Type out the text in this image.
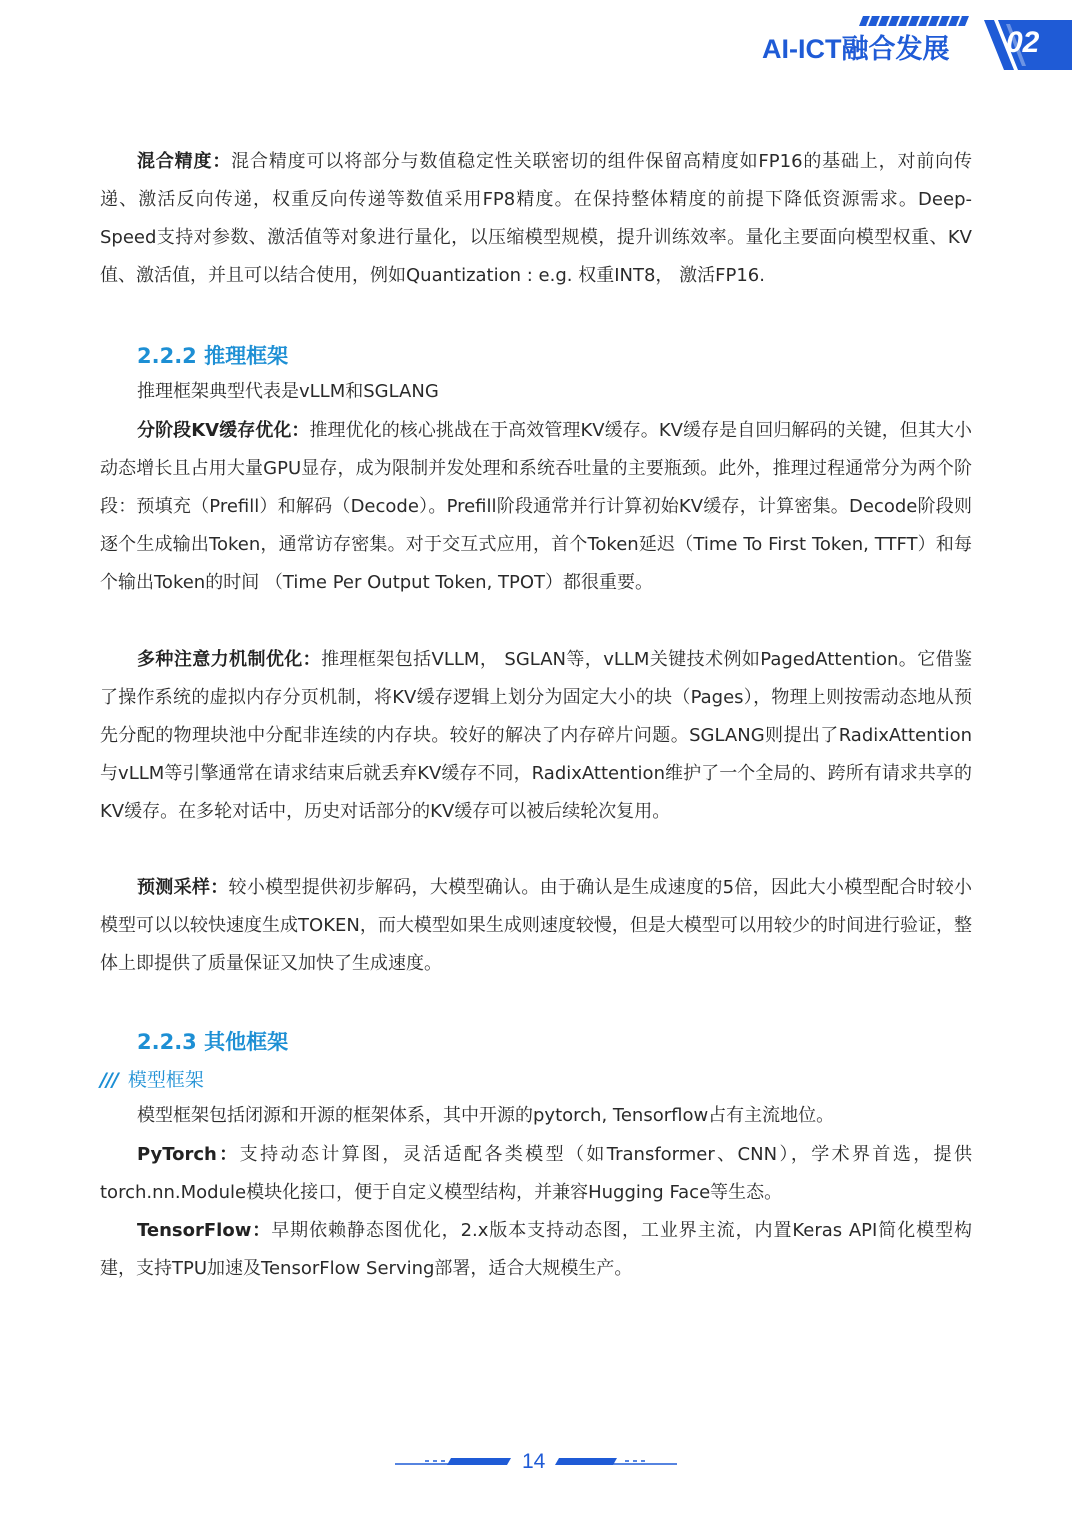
AI-ICT融合发展 02

混合精度：混合精度可以将部分与数值稳定性关联密切的组件保留高精度如FP16的基础上，对前向传递、激活反向传递，权重反向传递等数值采用FP8精度。在保持整体精度的前提下降低资源需求。Deep-Speed支持对参数、激活值等对象进行量化，以压缩模型规模，提升训练效率。量化主要面向模型权重、KV值、激活值，并且可以结合使用，例如Quantization : e.g. 权重INT8， 激活FP16.

2.2.2 推理框架

推理框架典型代表是vLLM和SGLANG

分阶段KV缓存优化：推理优化的核心挑战在于高效管理KV缓存。KV缓存是自回归解码的关键，但其大小动态增长且占用大量GPU显存，成为限制并发处理和系统吞吐量的主要瓶颈。此外，推理过程通常分为两个阶段：预填充（Prefill）和解码（Decode）。Prefill阶段通常并行计算初始KV缓存，计算密集。Decode阶段则逐个生成输出Token，通常访存密集。对于交互式应用，首个Token延迟（Time To First Token, TTFT）和每个输出Token的时间 （Time Per Output Token, TPOT）都很重要。

多种注意力机制优化：推理框架包括VLLM， SGLAN等，vLLM关键技术例如PagedAttention。它借鉴了操作系统的虚拟内存分页机制，将KV缓存逻辑上划分为固定大小的块（Pages），物理上则按需动态地从预先分配的物理块池中分配非连续的内存块。较好的解决了内存碎片问题。SGLANG则提出了RadixAttention与vLLM等引擎通常在请求结束后就丢弃KV缓存不同，RadixAttention维护了一个全局的、跨所有请求共享的KV缓存。在多轮对话中，历史对话部分的KV缓存可以被后续轮次复用。

预测采样：较小模型提供初步解码，大模型确认。由于确认是生成速度的5倍，因此大小模型配合时较小模型可以以较快速度生成TOKEN，而大模型如果生成则速度较慢，但是大模型可以用较少的时间进行验证，整体上即提供了质量保证又加快了生成速度。

2.2.3 其他框架
/// 模型框架

模型框架包括闭源和开源的框架体系，其中开源的pytorch, Tensorflow占有主流地位。

PyTorch：支持动态计算图，灵活适配各类模型（如Transformer、CNN），学术界首选，提供torch.nn.Module模块化接口，便于自定义模型结构，并兼容Hugging Face等生态。

TensorFlow：早期依赖静态图优化，2.x版本支持动态图，工业界主流，内置Keras API简化模型构建，支持TPU加速及TensorFlow Serving部署，适合大规模生产。

14
